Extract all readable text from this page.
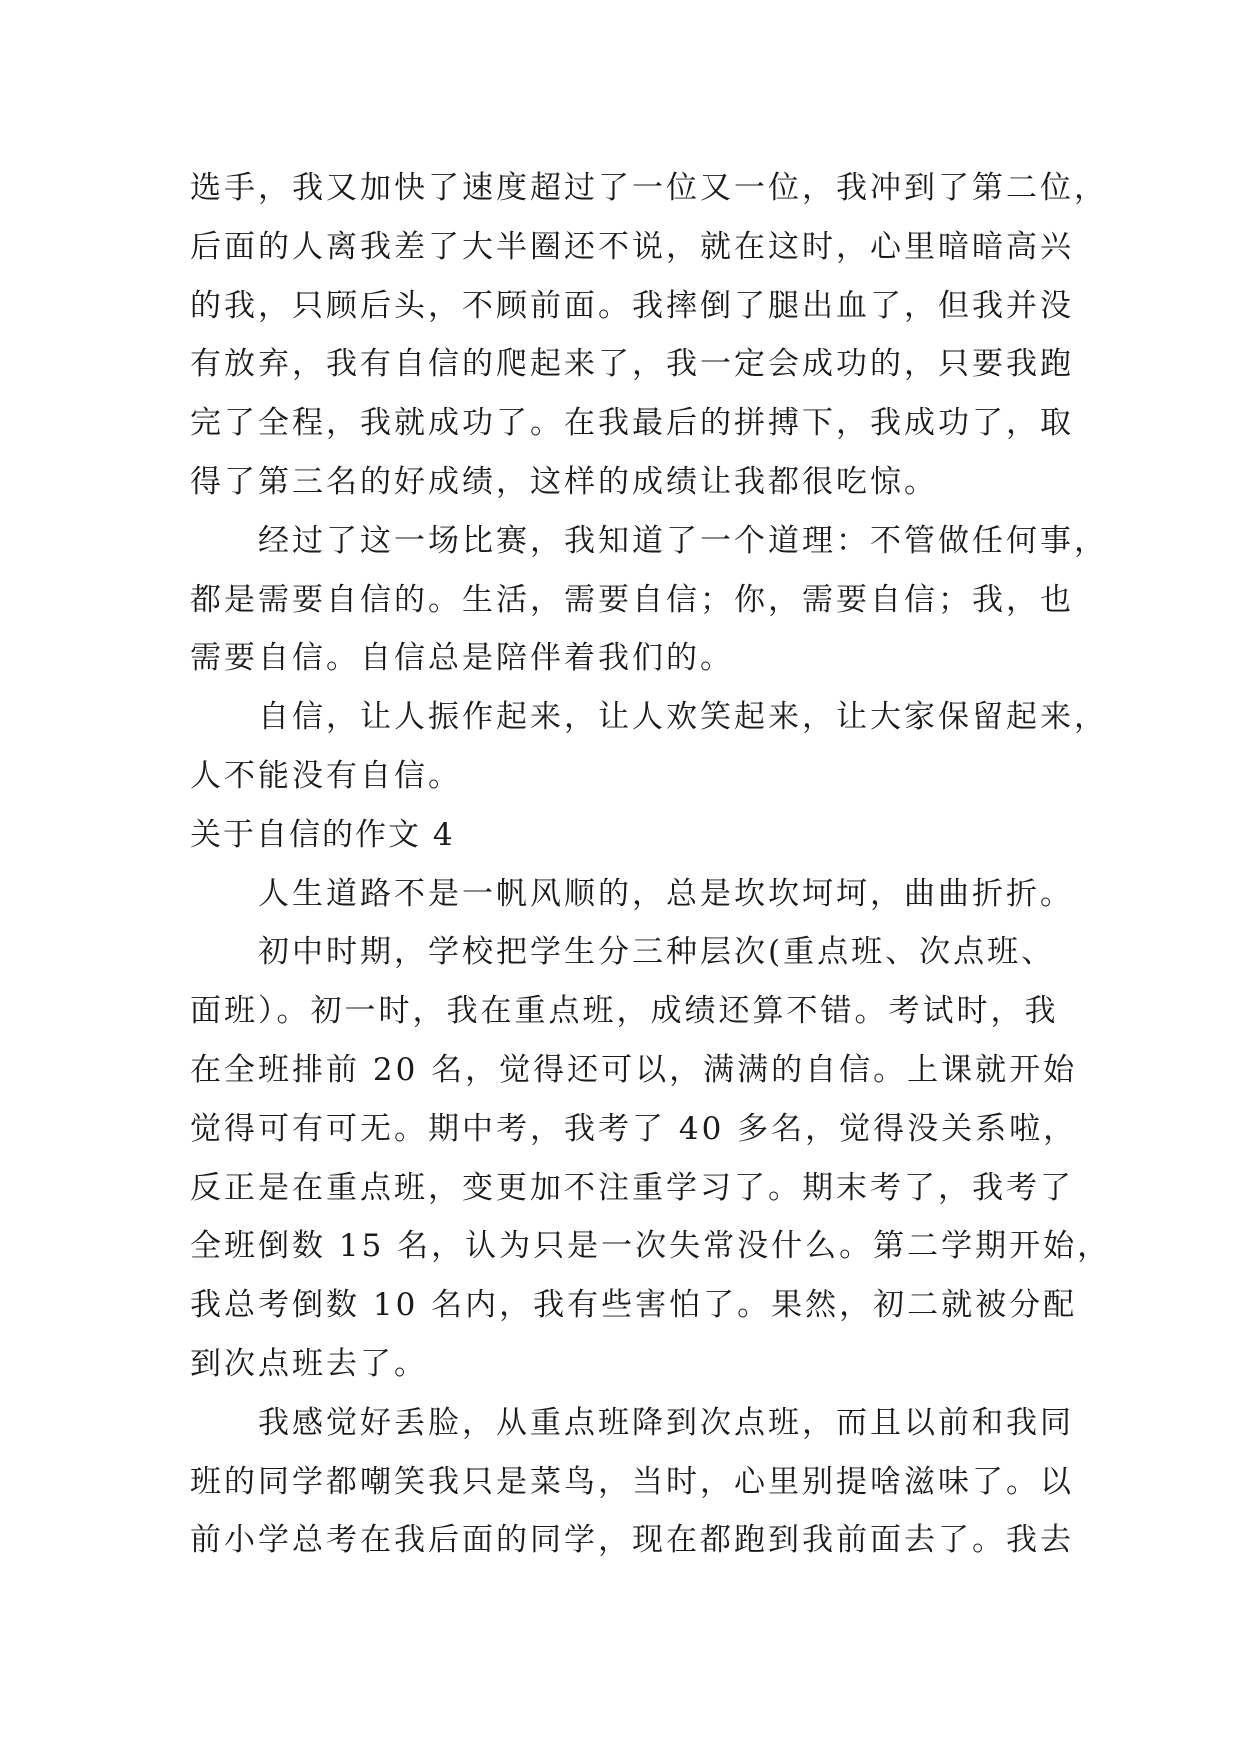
选手，我又加快了速度超过了一位又一位，我冲到了第二位，
后面的人离我差了大半圈还不说，就在这时，心里暗暗高兴
的我，只顾后头，不顾前面。我摔倒了腿出血了，但我并没
有放弃，我有自信的爬起来了，我一定会成功的，只要我跑
完了全程，我就成功了。在我最后的拼搏下，我成功了，取
得了第三名的好成绩，这样的成绩让我都很吃惊。
经过了这一场比赛，我知道了一个道理：不管做任何事，
都是需要自信的。生活，需要自信；你，需要自信；我，也
需要自信。自信总是陪伴着我们的。
自信，让人振作起来，让人欢笑起来，让大家保留起来，
人不能没有自信。
关于自信的作文 4
人生道路不是一帆风顺的，总是坎坎坷坷，曲曲折折。
初中时期，学校把学生分三种层次(重点班、次点班、
面班）。初一时，我在重点班，成绩还算不错。考试时，我
在全班排前 20 名，觉得还可以，满满的自信。上课就开始
觉得可有可无。期中考，我考了 40 多名，觉得没关系啦，
反正是在重点班，变更加不注重学习了。期末考了，我考了
全班倒数 15 名，认为只是一次失常没什么。第二学期开始，
我总考倒数 10 名内，我有些害怕了。果然，初二就被分配
到次点班去了。
我感觉好丢脸，从重点班降到次点班，而且以前和我同
班的同学都嘲笑我只是菜鸟，当时，心里别提啥滋味了。以
前小学总考在我后面的同学，现在都跑到我前面去了。我去
